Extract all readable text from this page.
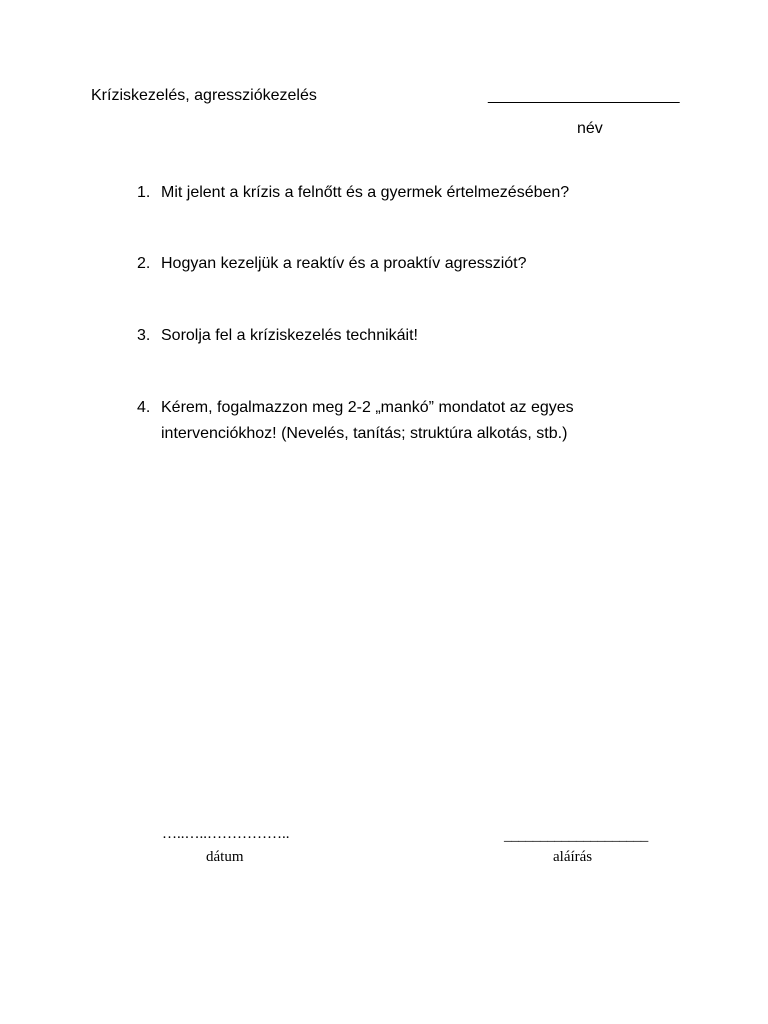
Kríziskezelés, agressziókezelés	______________________
név
1. Mit jelent a krízis a felnőtt és a gyermek értelmezésében?
2. Hogyan kezeljük a reaktív és a proaktív agressziót?
3. Sorolja fel a kríziskezelés technikáit!
4. Kérem, fogalmazzon meg 2-2 „mankó” mondatot az egyes intervenciókhoz! (Nevelés, tanítás; struktúra alkotás, stb.)
…..…..……………..
dátum
____________________
aláírás
